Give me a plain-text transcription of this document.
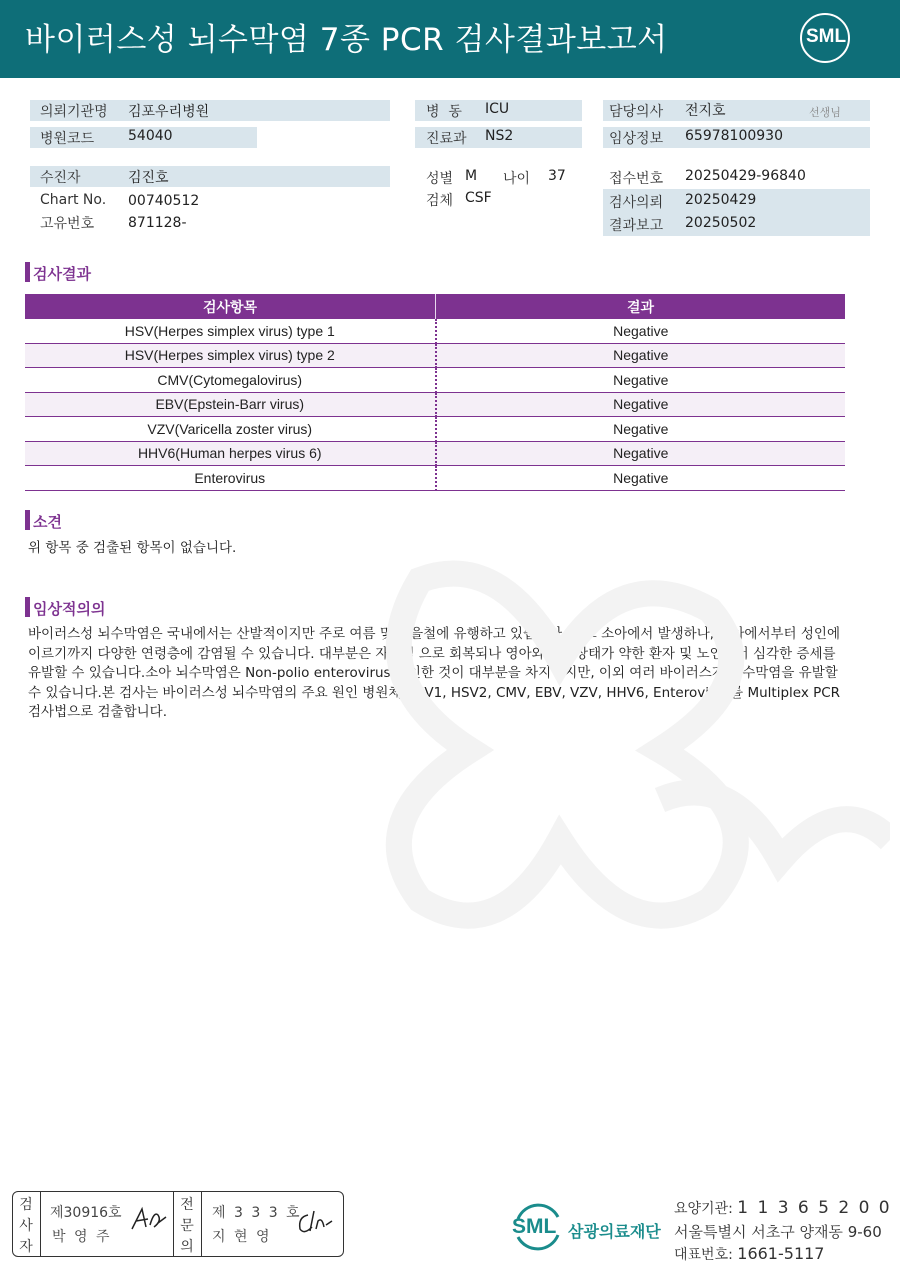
바이러스성 뇌수막염 7종 PCR 검사결과보고서	SML
의뢰기관명 김포우리병원
병원코드 54040
수진자	김진호
Chart No. 00740512
고유번호 871128-
병  동 ICU
진료과 NS2
성별 M 나이 37
검체 CSF
담당의사 전지호	선생님
임상정보 65978100930
접수번호 20250429-96840
검사의뢰 20250429
결과보고 20250502
검사결과
검사항목	결과
HSV(Herpes simplex virus) type 1	Negative
HSV(Herpes simplex virus) type 2	Negative
CMV(Cytomegalovirus)	Negative
EBV(Epstein-Barr virus)	Negative
VZV(Varicella zoster virus)	Negative
HHV6(Human herpes virus 6)	Negative
Enterovirus	Negative
소견
위 항목 중 검출된 항목이 없습니다.
임상적의의
바이러스성 뇌수막염은 국내에서는 산발적이지만 주로 여름 및 가을철에 유행하고 있습니다. 주로 소아에서 발생하나, 소아에서부터 성인에
이르기까지 다양한 연령층에 감염될 수 있습니다. 대부분은 자율적 으로 회복되나 영아와 면역상태가 약한 환자 및 노인에서 심각한 증세를
유발할 수 있습니다.소아 뇌수막염은 Non-polio enterovirus로 인한 것이 대부분을 차지하지만, 이외 여러 바이러스가 뇌수막염을 유발할
수 있습니다.본 검사는 바이러스성 뇌수막염의 주요 원인 병원체 HSV1, HSV2, CMV, EBV, VZV, HHV6, Enterovirus를 Multiplex PCR
검사법으로 검출합니다.
검
사
자
제30916호
박 영 주
전
문
의
제 3 3 3 호
지 현 영	SML 삼광의료재단
요양기관: 1 1 3 6 5 2 0 0
서울특별시 서초구 양재동 9-60
대표번호: 1661-5117
